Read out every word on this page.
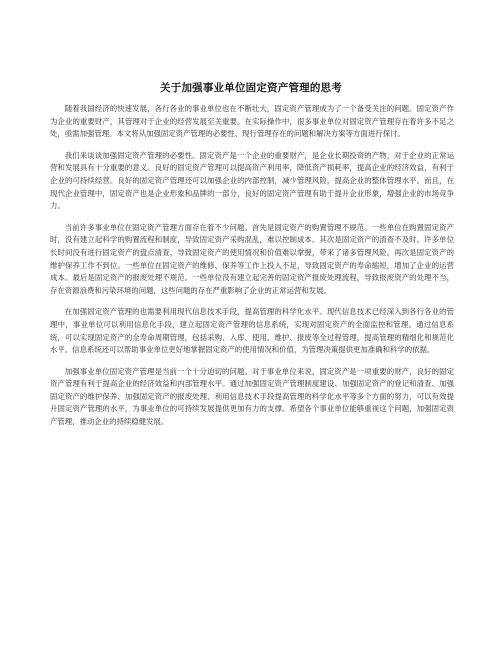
关于加强事业单位固定资产管理的思考

随着我国经济的快速发展，各行各业的事业单位也在不断壮大，固定资产管理成为了一个备受关注的问题。固定资产作为企业的重要财产，其管理对于企业的经营发展至关重要。在实际操作中，很多事业单位对固定资产管理存在着许多不足之处，亟需加强管理。本文将从加强固定资产管理的必要性、现行管理存在的问题和解决方案等方面进行探讨。

我们来谈谈加强固定资产管理的必要性。固定资产是一个企业的重要财产，是企业长期投资的产物，对于企业的正常运营和发展具有十分重要的意义。良好的固定资产管理可以提高资产利用率，降低资产损耗率，提高企业的经济效益，有利于企业的可持续经营。良好的固定资产管理还可以加强企业的内部控制，减少管理风险，提高企业的整体管理水平。而且，在现代企业管理中，固定资产也是企业形象和品牌的一部分，良好的固定资产管理有助于提升企业形象，增强企业的市场竞争力。

当前许多事业单位在固定资产管理方面存在着不少问题。首先是固定资产的购置管理不规范。一些单位在购置固定资产时，没有建立起科学的购置流程和制度，导致固定资产采购混乱，难以控制成本。其次是固定资产的清查不及时。许多单位长时间没有进行固定资产的盘点清查，导致固定资产的使用情况和价值难以掌握，带来了诸多管理风险。再次是固定资产的维护保养工作不到位。一些单位在固定资产的维修、保养等工作上投入不足，导致固定资产的寿命缩短，增加了企业的运营成本。最后是固定资产的报废处理不规范。一些单位没有建立起完善的固定资产报废处理流程，导致报废资产的处理不当，存在资源浪费和污染环境的问题，这些问题的存在严重影响了企业的正常运营和发展。

在加强固定资产管理的也需要利用现代信息技术手段，提高管理的科学化水平。现代信息技术已经深入到各行各业的管理中，事业单位可以利用信息化手段，建立起固定资产管理的信息系统，实现对固定资产的全面监控和管理。通过信息系统，可以实现固定资产的全寿命周期管理，包括采购、入库、使用、维护、报废等全过程管理，提高管理的精细化和规范化水平。信息系统还可以帮助事业单位更好地掌握固定资产的使用情况和价值，为管理决策提供更加准确和科学的依据。

加强事业单位固定资产管理是当前一个十分迫切的问题。对于事业单位来说，固定资产是一项重要的财产，良好的固定资产管理有利于提高企业的经济效益和内部管理水平。通过加强固定资产管理制度建设、加强固定资产的登记和清查、加强固定资产的维护保养、加强固定资产的报废处理、利用信息技术手段提高管理的科学化水平等多个方面的努力，可以有效提升固定资产管理的水平，为事业单位的可持续发展提供更加有力的支撑。希望各个事业单位能够重视这个问题，加强固定资产管理，推动企业的持续稳健发展。
